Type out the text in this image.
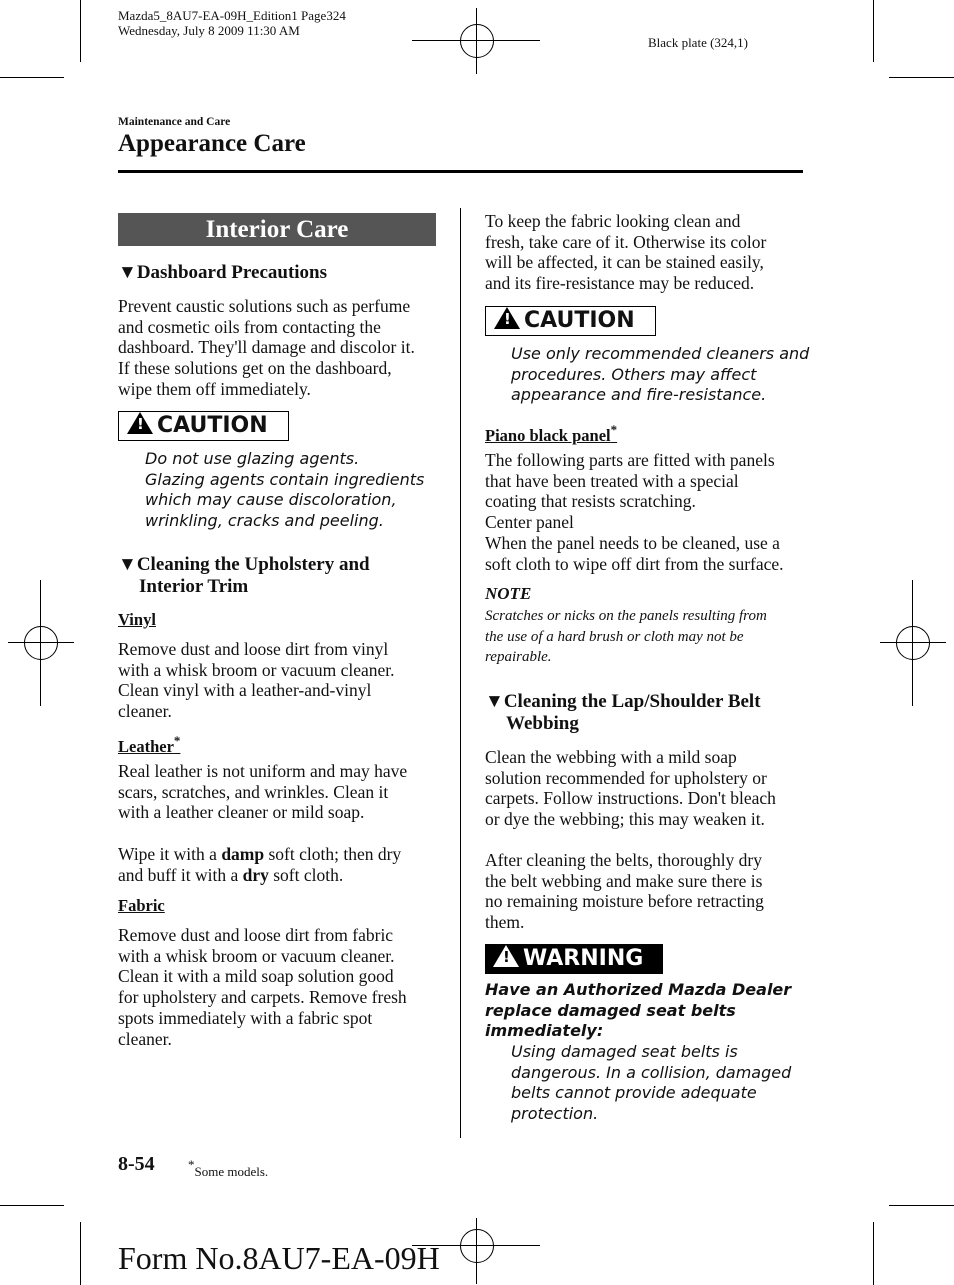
Mazda5_8AU7-EA-09H_Edition1 Page324
Wednesday, July 8 2009 11:30 AM
Black plate (324,1)
Maintenance and Care
Appearance Care
Interior Care
▼Dashboard Precautions
Prevent caustic solutions such as perfume
and cosmetic oils from contacting the
dashboard. They'll damage and discolor it.
If these solutions get on the dashboard,
wipe them off immediately.
! CAUTION
Do not use glazing agents.
Glazing agents contain ingredients
which may cause discoloration,
wrinkling, cracks and peeling.
▼Cleaning the Upholstery and
Interior Trim
Vinyl
Remove dust and loose dirt from vinyl
with a whisk broom or vacuum cleaner.
Clean vinyl with a leather-and-vinyl
cleaner.
Leather*
Real leather is not uniform and may have
scars, scratches, and wrinkles. Clean it
with a leather cleaner or mild soap.
Wipe it with a damp soft cloth; then dry
and buff it with a dry soft cloth.
Fabric
Remove dust and loose dirt from fabric
with a whisk broom or vacuum cleaner.
Clean it with a mild soap solution good
for upholstery and carpets. Remove fresh
spots immediately with a fabric spot
cleaner.
To keep the fabric looking clean and
fresh, take care of it. Otherwise its color
will be affected, it can be stained easily,
and its fire-resistance may be reduced.
! CAUTION
Use only recommended cleaners and
procedures. Others may affect
appearance and fire-resistance.
Piano black panel*
The following parts are fitted with panels
that have been treated with a special
coating that resists scratching.
Center panel
When the panel needs to be cleaned, use a
soft cloth to wipe off dirt from the surface.
NOTE
Scratches or nicks on the panels resulting from
the use of a hard brush or cloth may not be
repairable.
▼Cleaning the Lap/Shoulder Belt
Webbing
Clean the webbing with a mild soap
solution recommended for upholstery or
carpets. Follow instructions. Don't bleach
or dye the webbing; this may weaken it.
After cleaning the belts, thoroughly dry
the belt webbing and make sure there is
no remaining moisture before retracting
them.
! WARNING
Have an Authorized Mazda Dealer
replace damaged seat belts
immediately:
Using damaged seat belts is
dangerous. In a collision, damaged
belts cannot provide adequate
protection.
8-54	*Some models.
Form No.8AU7-EA-09H
